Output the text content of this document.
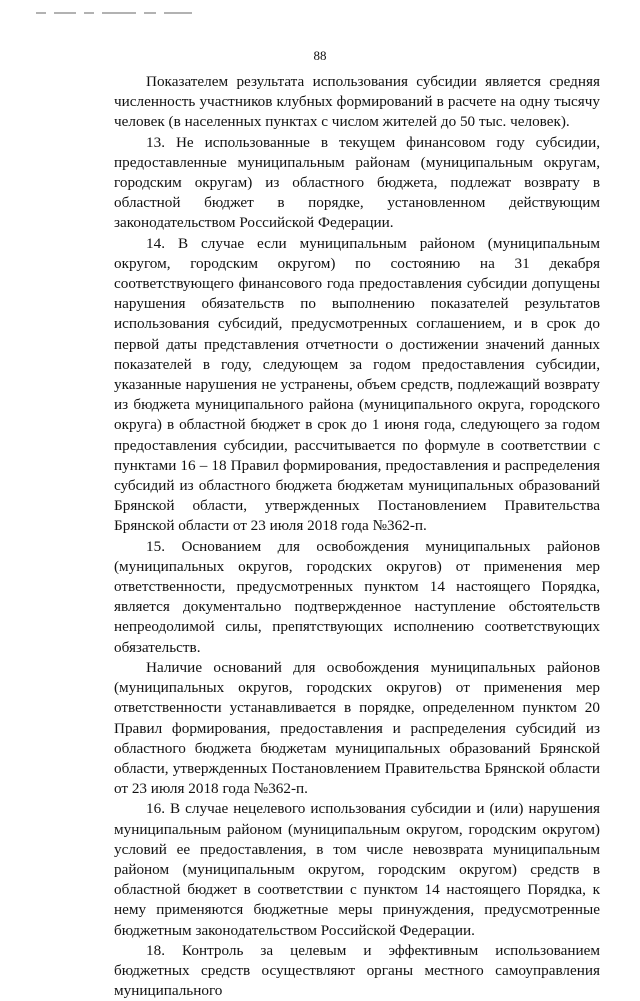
88

Показателем результата использования субсидии является средняя численность участников клубных формирований в расчете на одну тысячу человек (в населенных пунктах с числом жителей до 50 тыс. человек).

13. Не использованные в текущем финансовом году субсидии, предоставленные муниципальным районам (муниципальным округам, городским округам) из областного бюджета, подлежат возврату в областной бюджет в порядке, установленном действующим законодательством Российской Федерации.

14. В случае если муниципальным районом (муниципальным округом, городским округом) по состоянию на 31 декабря соответствующего финансового года предоставления субсидии допущены нарушения обязательств по выполнению показателей результатов использования субсидий, предусмотренных соглашением, и в срок до первой даты представления отчетности о достижении значений данных показателей в году, следующем за годом предоставления субсидии, указанные нарушения не устранены, объем средств, подлежащий возврату из бюджета муниципального района (муниципального округа, городского округа) в областной бюджет в срок до 1 июня года, следующего за годом предоставления субсидии, рассчитывается по формуле в соответствии с пунктами 16 – 18 Правил формирования, предоставления и распределения субсидий из областного бюджета бюджетам муниципальных образований Брянской области, утвержденных Постановлением Правительства Брянской области от 23 июля 2018 года №362-п.

15. Основанием для освобождения муниципальных районов (муниципальных округов, городских округов) от применения мер ответственности, предусмотренных пунктом 14 настоящего Порядка, является документально подтвержденное наступление обстоятельств непреодолимой силы, препятствующих исполнению соответствующих обязательств.

Наличие оснований для освобождения муниципальных районов (муниципальных округов, городских округов) от применения мер ответственности устанавливается в порядке, определенном пунктом 20 Правил формирования, предоставления и распределения субсидий из областного бюджета бюджетам муниципальных образований Брянской области, утвержденных Постановлением Правительства Брянской области от 23 июля 2018 года №362-п.

16. В случае нецелевого использования субсидии и (или) нарушения муниципальным районом (муниципальным округом, городским округом) условий ее предоставления, в том числе невозврата муниципальным районом (муниципальным округом, городским округом) средств в областной бюджет в соответствии с пунктом 14 настоящего Порядка, к нему применяются бюджетные меры принуждения, предусмотренные бюджетным законодательством Российской Федерации.

18. Контроль за целевым и эффективным использованием бюджетных средств осуществляют органы местного самоуправления муниципального
